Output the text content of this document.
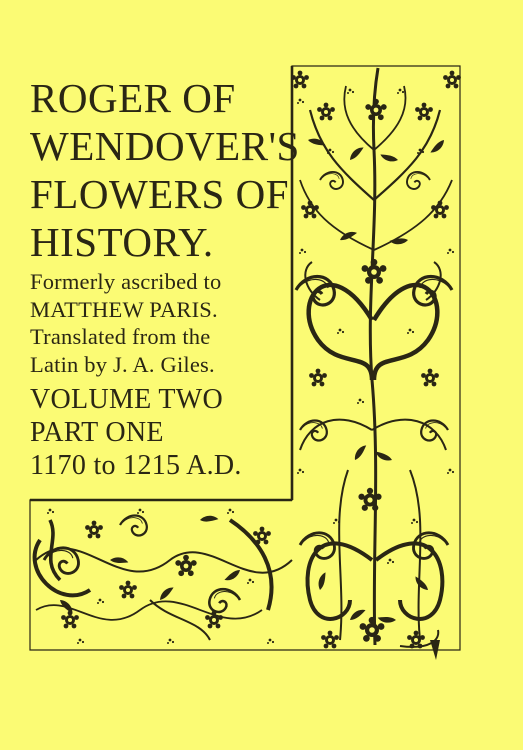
ROGER OF
WENDOVER'S
FLOWERS OF
HISTORY.
Formerly ascribed to
MATTHEW PARIS.
Translated from the
Latin by J. A. Giles.
VOLUME TWO
PART ONE
1170 to 1215 A.D.
